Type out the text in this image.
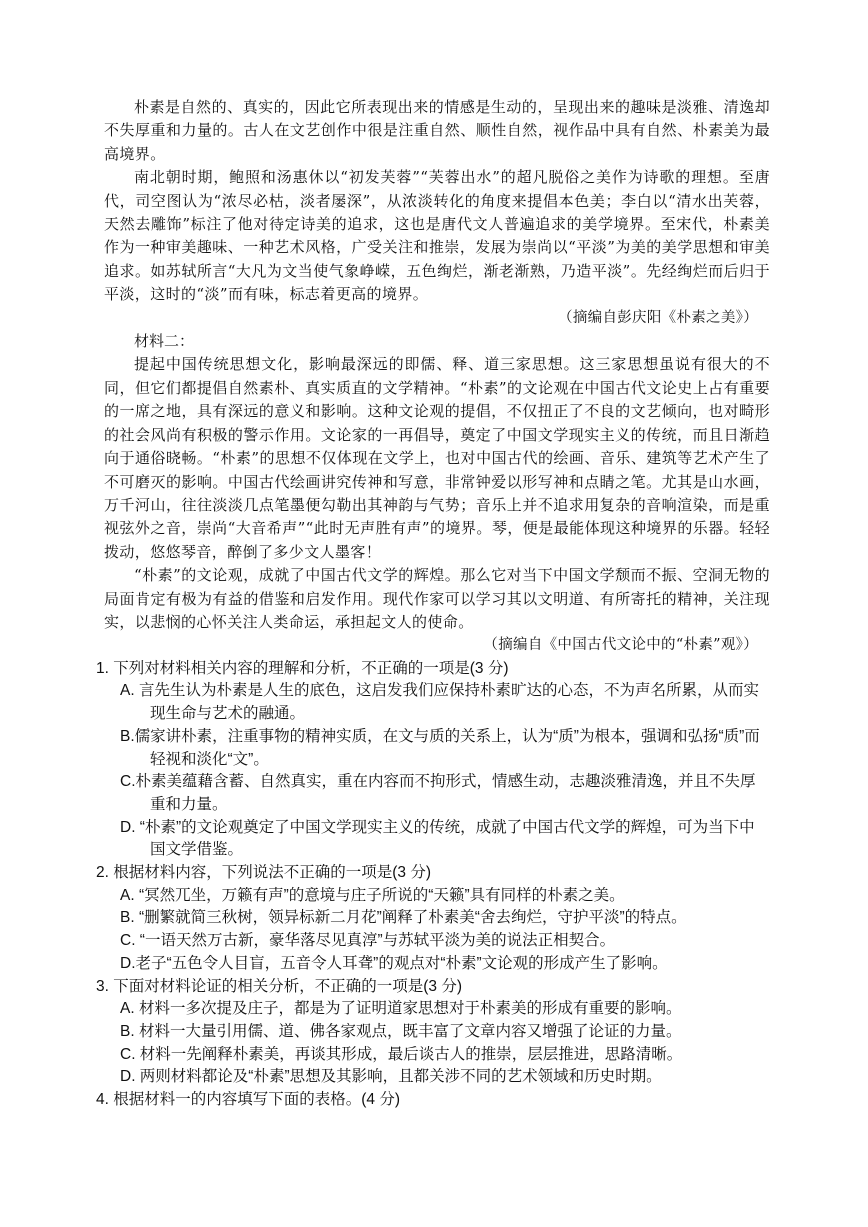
朴素是自然的、真实的，因此它所表现出来的情感是生动的，呈现出来的趣味是淡雅、清逸却不失厚重和力量的。古人在文艺创作中很是注重自然、顺性自然，视作品中具有自然、朴素美为最高境界。

南北朝时期，鲍照和汤惠休以“初发芙蓉”“芙蓉出水”的超凡脱俗之美作为诗歌的理想。至唐代，司空图认为“浓尽必枯，淡者屡深”，从浓淡转化的角度来提倡本色美；李白以“清水出芙蓉，天然去雕饰”标注了他对待定诗美的追求，这也是唐代文人普遍追求的美学境界。至宋代，朴素美作为一种审美趣味、一种艺术风格，广受关注和推崇，发展为崇尚以“平淡”为美的美学思想和审美追求。如苏轼所言“大凡为文当使气象峥嵘，五色绚烂，渐老渐熟，乃造平淡”。先经绚烂而后归于平淡，这时的“淡”而有味，标志着更高的境界。

（摘编自彭庆阳《朴素之美》）

材料二：

提起中国传统思想文化，影响最深远的即儒、释、道三家思想。这三家思想虽说有很大的不同，但它们都提倡自然素朴、真实质直的文学精神。“朴素”的文论观在中国古代文论史上占有重要的一席之地，具有深远的意义和影响。这种文论观的提倡，不仅扭正了不良的文艺倾向，也对畸形的社会风尚有积极的警示作用。文论家的一再倡导，奠定了中国文学现实主义的传统，而且日渐趋向于通俗晓畅。“朴素”的思想不仅体现在文学上，也对中国古代的绘画、音乐、建筑等艺术产生了不可磨灭的影响。中国古代绘画讲究传神和写意，非常钟爱以形写神和点睛之笔。尤其是山水画，万千河山，往往淡淡几点笔墨便勾勒出其神韵与气势；音乐上并不追求用复杂的音响渲染，而是重视弦外之音，崇尚“大音希声”“此时无声胜有声”的境界。琴，便是最能体现这种境界的乐器。轻轻拨动，悠悠琴音，醉倒了多少文人墨客！

“朴素”的文论观，成就了中国古代文学的辉煌。那么它对当下中国文学颓而不振、空洞无物的局面肯定有极为有益的借鉴和启发作用。现代作家可以学习其以文明道、有所寄托的精神，关注现实，以悲悯的心怀关注人类命运，承担起文人的使命。

（摘编自《中国古代文论中的“朴素”观》）

1. 下列对材料相关内容的理解和分析，不正确的一项是(3 分)

A. 言先生认为朴素是人生的底色，这启发我们应保持朴素旷达的心态，不为声名所累，从而实现生命与艺术的融通。

B.儒家讲朴素，注重事物的精神实质，在文与质的关系上，认为“质”为根本，强调和弘扬“质”而轻视和淡化“文”。

C.朴素美蕴藉含蓄、自然真实，重在内容而不拘形式，情感生动，志趣淡雅清逸，并且不失厚重和力量。

D. “朴素”的文论观奠定了中国文学现实主义的传统，成就了中国古代文学的辉煌，可为当下中国文学借鉴。

2. 根据材料内容，下列说法不正确的一项是(3 分)

A. “冥然兀坐，万籁有声”的意境与庄子所说的“天籁”具有同样的朴素之美。

B. “删繁就简三秋树，领异标新二月花”阐释了朴素美“舍去绚烂，守护平淡”的特点。

C. “一语天然万古新，豪华落尽见真淳”与苏轼平淡为美的说法正相契合。

D.老子“五色令人目盲，五音令人耳聋”的观点对“朴素”文论观的形成产生了影响。

3. 下面对材料论证的相关分析，不正确的一项是(3 分)

A. 材料一多次提及庄子，都是为了证明道家思想对于朴素美的形成有重要的影响。

B. 材料一大量引用儒、道、佛各家观点，既丰富了文章内容又增强了论证的力量。

C. 材料一先阐释朴素美，再谈其形成，最后谈古人的推崇，层层推进，思路清晰。

D. 两则材料都论及“朴素”思想及其影响，且都关涉不同的艺术领域和历史时期。

4. 根据材料一的内容填写下面的表格。(4 分)
